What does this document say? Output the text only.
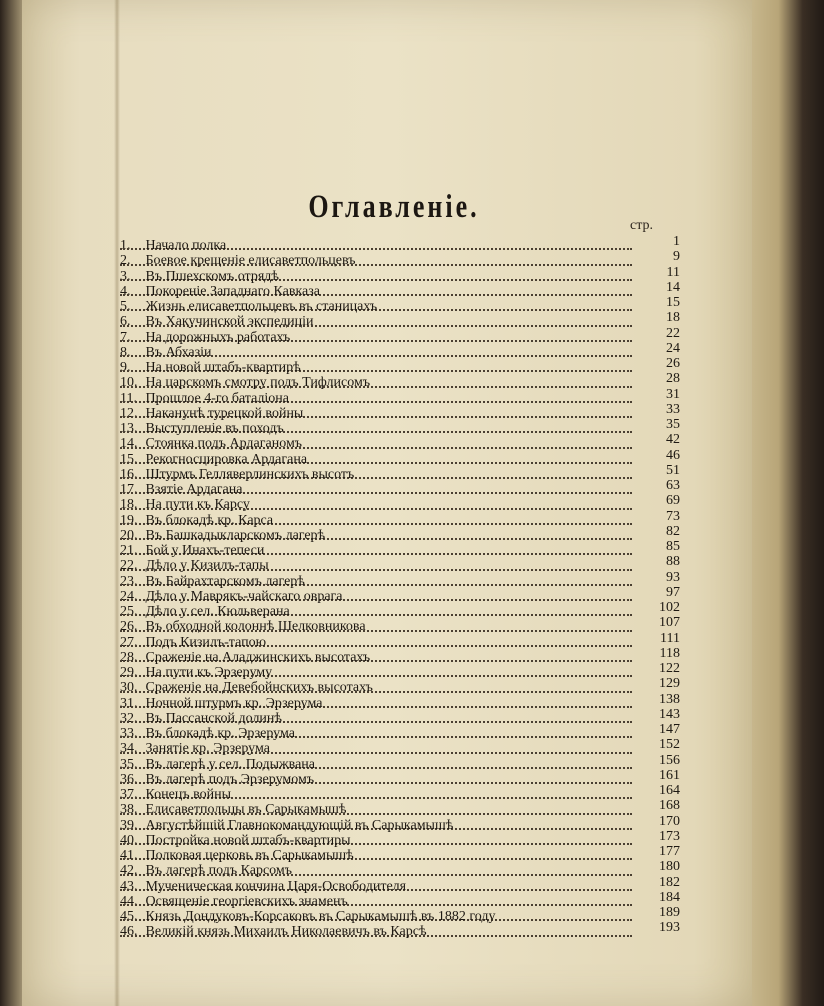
Оглавленіе.
стр.
1. Начало полка	1
2. Боевое крещеніе елисаветпольцевъ	9
3. Въ Пшехскомъ отрядѣ	11
4. Покореніе Западнаго Кавказа	14
5. Жизнь елисаветпольцевъ въ станицахъ	15
6. Въ Хакучинской экспедиціи	18
7. На дорожныхъ работахъ	22
8. Въ Абхазіи	24
9. На новой штабъ-квартирѣ	26
10. На царскомъ смотру подъ Тифлисомъ	28
11. Прошлое 4-го баталіона	31
12. Наканунѣ турецкой войны	33
13. Выступленіе въ походъ	35
14. Стоянка подъ Ардаганомъ	42
15. Рекогносцировка Ардагана	46
16. Штурмъ Гелляверлинскихъ высотъ	51
17. Взятіе Ардагана	63
18. На пути къ Карсу	69
19. Въ блокадѣ кр. Карса	73
20. Въ Башкадыкларскомъ лагерѣ	82
21. Бой у Инахъ-тепеси	85
22. Дѣло у Кизилъ-тапы	88
23. Въ Байрахтарскомъ лагерѣ	93
24. Дѣло у Маврякъ-чайскаго оврага	97
25. Дѣло у сел. Кюльверана	102
26. Въ обходной колоннѣ Шелковникова	107
27. Подъ Кизилъ-тапою	111
28. Сраженіе на Аладжинскихъ высотахъ	118
29. На пути къ Эрзеруму	122
30. Сраженіе на Девебойнскихъ высотахъ	129
31. Ночной штурмъ кр. Эрзерума	138
32. Въ Пассанской долинѣ	143
33. Въ блокадѣ кр. Эрзерума	147
34. Занятіе кр. Эрзерума	152
35. Въ лагерѣ у сел. Подыжвана	156
36. Въ лагерѣ подъ Эрзерумомъ	161
37. Конецъ войны	164
38. Елисаветпольцы въ Сарыкамышѣ	168
39. Августѣйшій Главнокомандующій въ Сарыкамышѣ	170
40. Постройка новой штабъ-квартиры	173
41. Полковая церковь въ Сарыкамышѣ	177
42. Въ лагерѣ подъ Карсомъ	180
43. Мученическая кончина Царя-Освободителя	182
44. Освященіе георгіевскихъ знаменъ	184
45. Князь Дондуковъ-Корсаковъ въ Сарыкамышѣ въ 1882 году	189
46. Великій князь Михаилъ Николаевичъ въ Карсѣ	193
